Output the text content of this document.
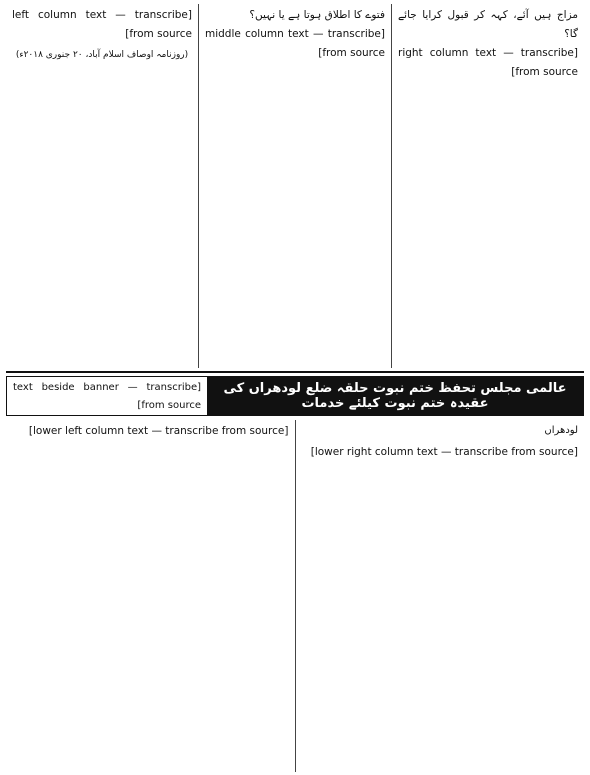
مزاج ہیں آئے، کہہ کر قبول کرایا جائے گا؟

[right column text — transcribe from source]

فتوے کا اطلاق ہوتا ہے یا نہیں؟

[middle column text — transcribe from source]

[left column text — transcribe from source]

(روزنامہ اوصاف اسلام آباد، ۲۰ جنوری ۲۰۱۸ء)

عالمی مجلس تحفظ ختم نبوت حلقہ ضلع لودھراں کی عقیدہ ختم نبوت کیلئے خدمات
[text beside banner — transcribe from source]

لودھراں

[lower right column text — transcribe from source]

[lower left column text — transcribe from source]
